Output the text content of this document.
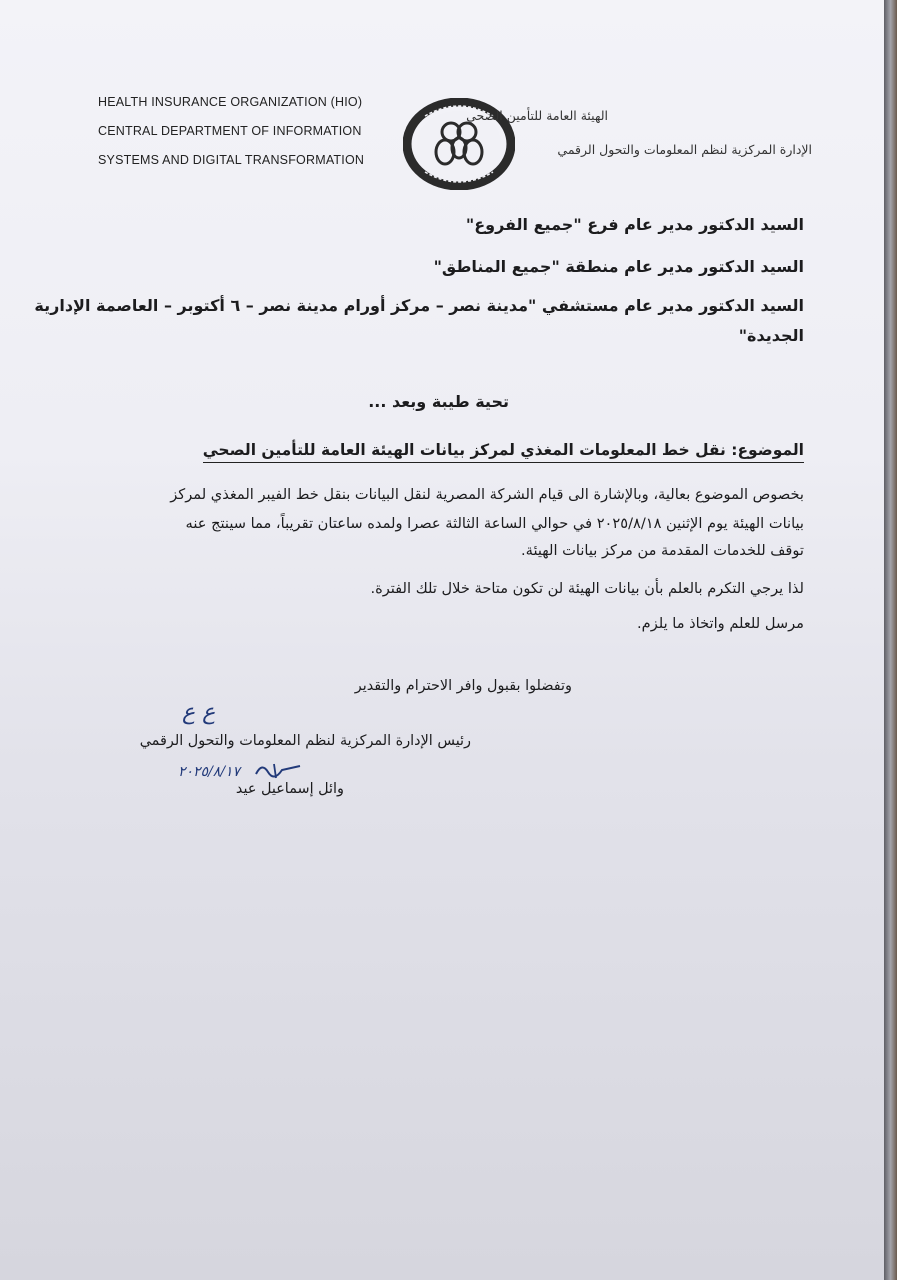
HEALTH INSURANCE ORGANIZATION (HIO)
CENTRAL DEPARTMENT OF INFORMATION
SYSTEMS AND DIGITAL TRANSFORMATION
الهيئة العامة للتأمين الصحي
الإدارة المركزية لنظم المعلومات والتحول الرقمي
السيد الدكتور مدير عام فرع "جميع الفروع"
السيد الدكتور مدير عام منطقة "جميع المناطق"
السيد الدكتور مدير عام مستشفي "مدينة نصر – مركز أورام مدينة نصر – ٦ أكتوبر – العاصمة الإدارية
الجديدة"
تحية طيبة وبعد ...
الموضوع: نقل خط المعلومات المغذي لمركز بيانات الهيئة العامة للتأمين الصحي
بخصوص الموضوع بعالية، وبالإشارة الى قيام الشركة المصرية لنقل البيانات بنقل خط الفيبر المغذي لمركز
بيانات الهيئة يوم الإثنين ٢٠٢٥/٨/١٨ في حوالي الساعة الثالثة عصرا ولمده ساعتان تقريباً، مما سينتج عنه
توقف للخدمات المقدمة من مركز بيانات الهيئة.
لذا يرجي التكرم بالعلم بأن بيانات الهيئة لن تكون متاحة خلال تلك الفترة.
مرسل للعلم واتخاذ ما يلزم.
وتفضلوا بقبول وافر الاحترام والتقدير
ع ع
رئيس الإدارة المركزية لنظم المعلومات والتحول الرقمي
٢٠٢٥/٨/١٧
وائل إسماعيل عيد
